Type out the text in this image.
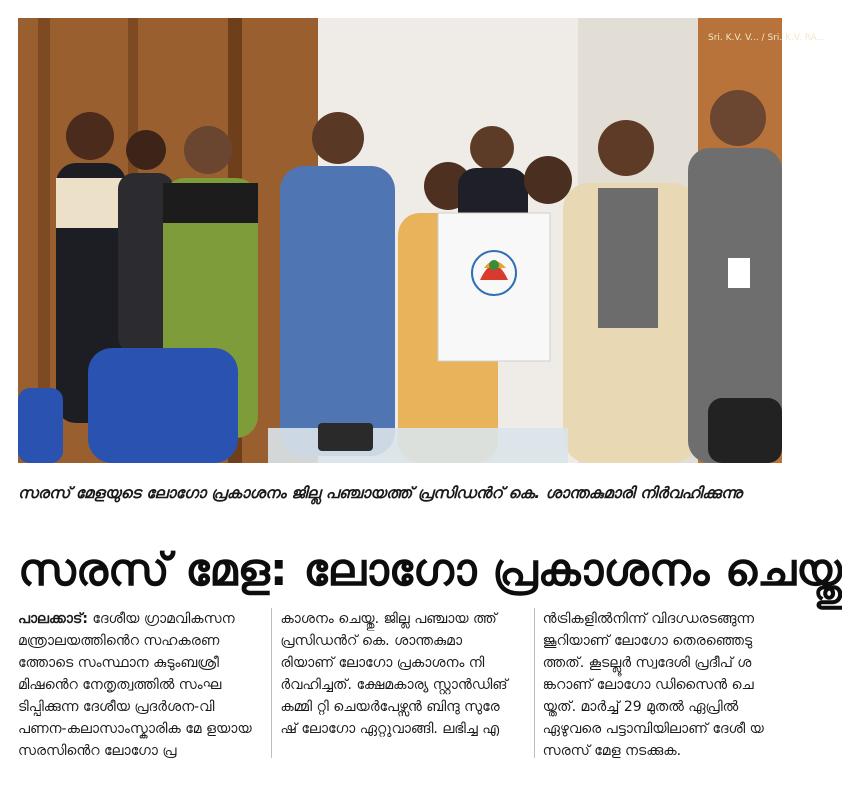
Sri. K.V. V... / Sri. K.V. RA...
സരസ് മേളയുടെ ലോഗോ പ്രകാശനം ജില്ല പഞ്ചായത്ത് പ്രസിഡൻറ് കെ. ശാന്തകുമാരി നിർവഹിക്കുന്നു
സരസ് മേള: ലോഗോ പ്രകാശനം ചെയ്തു

പാലക്കാട്: ദേശീയ ഗ്രാമവികസന മന്ത്രാലയത്തിൻെറ സഹകരണ ത്തോടെ സംസ്ഥാന കുടുംബശ്രീ മിഷൻെറ നേതൃത്വത്തിൽ സംഘ ടിപ്പിക്കുന്ന ദേശീയ പ്രദർശന-വി പണന-കലാസാംസ്കാരിക മേ ളയായ സരസിൻെറ ലോഗോ പ്ര

കാശനം ചെയ്തു. ജില്ല പഞ്ചായ ത്ത് പ്രസിഡൻറ് കെ. ശാന്തകുമാ രിയാണ് ലോഗോ പ്രകാശനം നി ർവഹിച്ചത്. ക്ഷേമകാര്യ സ്റ്റാൻഡിങ് കമ്മി റ്റി ചെയർപേഴ്സൻ ബിന്ദു സുരേ ഷ് ലോഗോ ഏറ്റുവാങ്ങി. ലഭിച്ച എ

ൻട്രികളിൽനിന്ന് വിദഗ്ധരടങ്ങുന്ന ജൂറിയാണ് ലോഗോ തെരഞ്ഞെടു ത്തത്. കൂടല്ലൂർ സ്വദേശി പ്രദീപ് ശ ങ്കറാണ് ലോഗോ ഡിസൈൻ ചെ യ്തത്. മാർച്ച് 29 മുതൽ ഏപ്രിൽ ഏഴുവരെ പട്ടാമ്പിയിലാണ് ദേശീ യ സരസ് മേള നടക്കുക.
